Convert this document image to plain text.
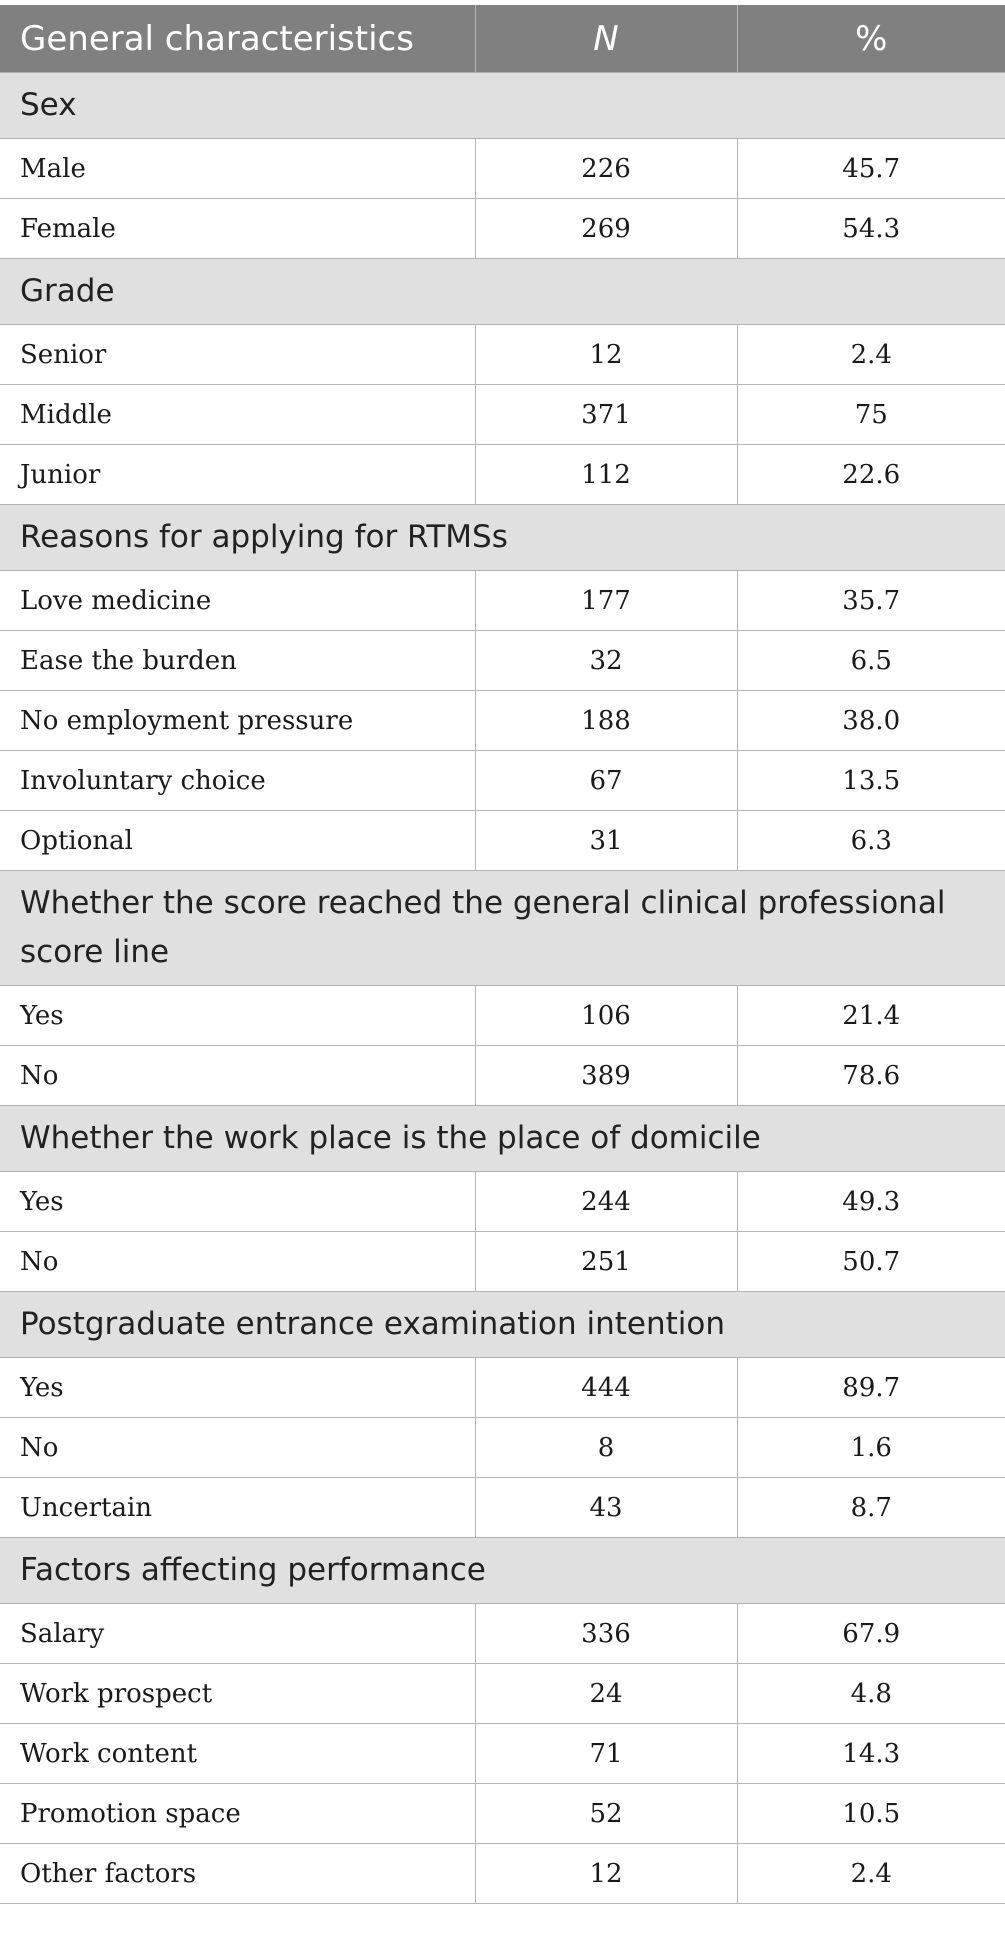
General characteristics	N	%

Sex		

Male	226	45.7
Female	269	54.3

Grade		

Senior	12	2.4
Middle	371	75
Junior	112	22.6

Reasons for applying for RTMSs		

Love medicine	177	35.7
Ease the burden	32	6.5
No employment pressure	188	38.0
Involuntary choice	67	13.5
Optional	31	6.3

Whether the score reached the general clinical professional score line		

Yes	106	21.4
No	389	78.6

Whether the work place is the place of domicile		

Yes	244	49.3
No	251	50.7

Postgraduate entrance examination intention		

Yes	444	89.7
No	8	1.6
Uncertain	43	8.7

Factors affecting performance		

Salary	336	67.9
Work prospect	24	4.8
Work content	71	14.3
Promotion space	52	10.5
Other factors	12	2.4
